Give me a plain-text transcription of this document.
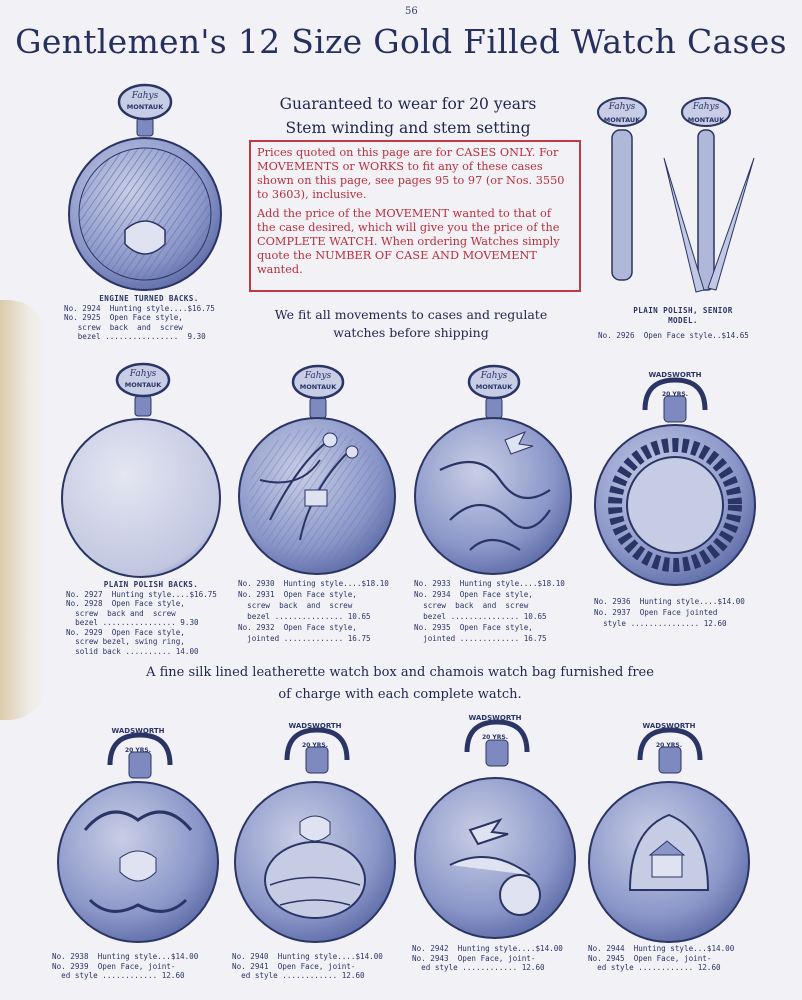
56
Gentlemen's 12 Size Gold Filled Watch Cases
Guaranteed to wear for 20 years
Stem winding and stem setting

Prices quoted on this page are for CASES ONLY. For MOVEMENTS or WORKS to fit any of these cases shown on this page, see pages 95 to 97 (or Nos. 3550 to 3603), inclusive.

Add the price of the MOVEMENT wanted to that of the case desired, which will give you the price of the COMPLETE WATCH. When ordering Watches simply quote the NUMBER OF CASE AND MOVEMENT wanted.

We fit all movements to cases and regulate
watches before shipping
A fine silk lined leatherette watch box and chamois watch bag furnished free
of charge with each complete watch.
Fahys
MONTAUK	Fahys
MONTAUK
Fahys
MONTAUK
Fahys
MONTAUK
Fahys
MONTAUK
Fahys
MONTAUK
WADSWORTH
20 YRS.
WADSWORTH
20 YRS.
WADSWORTH
20 YRS.
WADSWORTH
20 YRS.
WADSWORTH
20 YRS.
ENGINE TURNED BACKS.
No. 2924  Hunting style....$16.75
No. 2925  Open Face style,
screw  back  and  screw
bezel ................  9.30
PLAIN POLISH, SENIOR
MODEL.
No. 2926  Open Face style..$14.65
PLAIN POLISH BACKS.
No. 2927  Hunting style....$16.75
No. 2928  Open Face style,
screw  back and  screw
bezel ................ 9.30
No. 2929  Open Face style,
screw bezel, swing ring,
solid back .......... 14.00
No. 2930  Hunting style....$18.10
No. 2931  Open Face style,
screw  back  and  screw
bezel ............... 10.65
No. 2932  Open Face style,
jointed ............. 16.75
No. 2933  Hunting style....$18.10
No. 2934  Open Face style,
screw  back  and  screw
bezel ............... 10.65
No. 2935  Open Face style,
jointed ............. 16.75
No. 2936  Hunting style....$14.00
No. 2937  Open Face jointed
style ............... 12.60
No. 2938  Hunting style...$14.00
No. 2939  Open Face, joint-
ed style ............ 12.60
No. 2940  Hunting style....$14.00
No. 2941  Open Face, joint-
ed style ............ 12.60
No. 2942  Hunting style....$14.00
No. 2943  Open Face, joint-
ed style ............ 12.60
No. 2944  Hunting style...$14.00
No. 2945  Open Face, joint-
ed style ............ 12.60
